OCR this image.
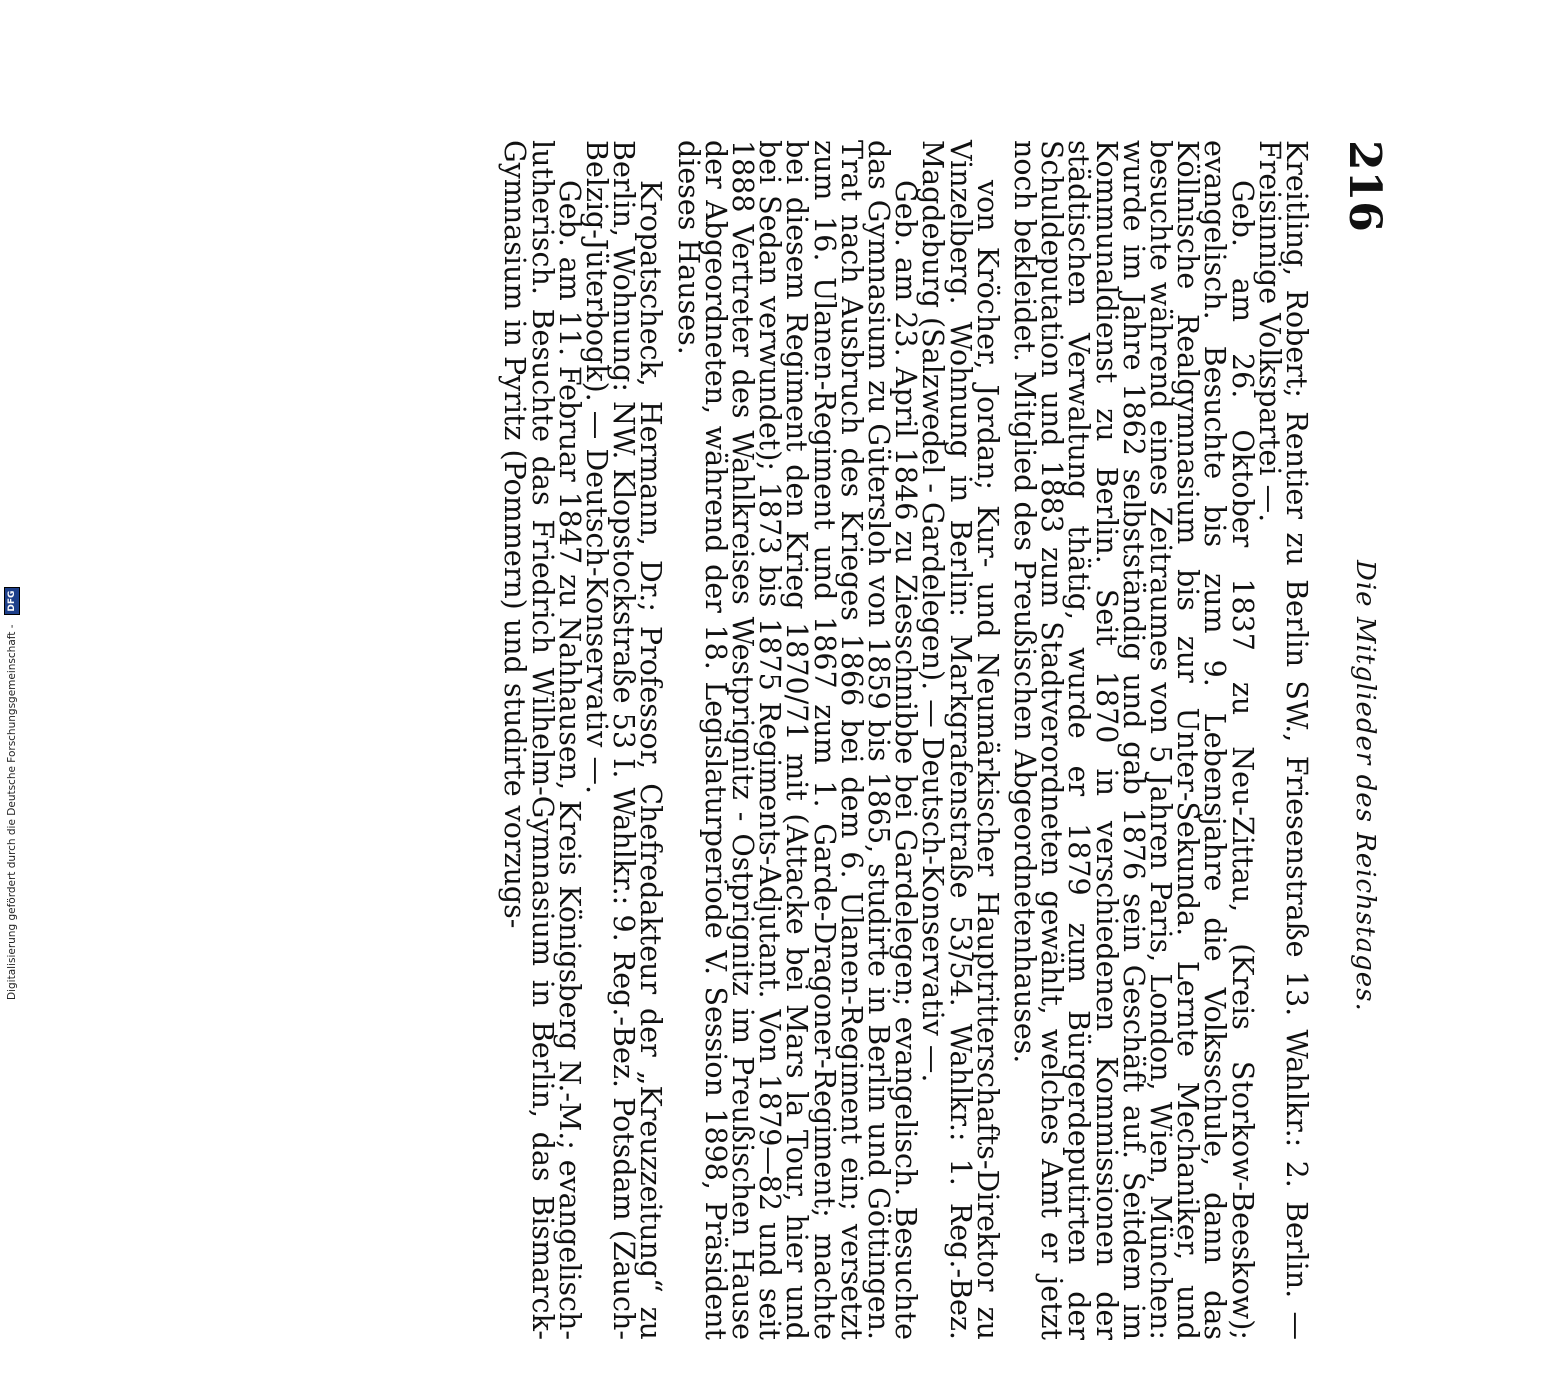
216
Die Mitglieder des Reichstages.

Kreitling, Robert; Rentier zu Berlin SW., Friesenstraße 13. Wahlkr.: 2. Berlin. — Freisinnige Volkspartei —.

Geb. am 26. Oktober 1837 zu Neu-Zittau, (Kreis Storkow-Beeskow); evangelisch. Besuchte bis zum 9. Lebensjahre die Volksschule, dann das Köllnische Realgymnasium bis zur Unter-Sekunda. Lernte Mechaniker, und besuchte während eines Zeitraumes von 5 Jahren Paris, London, Wien, München: wurde im Jahre 1862 selbstständig und gab 1876 sein Geschäft auf. Seitdem im Kommunaldienst zu Berlin. Seit 1870 in verschiedenen Kommissionen der städtischen Verwaltung thätig, wurde er 1879 zum Bürgerdeputirten der Schuldeputation und 1883 zum Stadtverordneten gewählt, welches Amt er jetzt noch bekleidet. Mitglied des Preußischen Abgeordnetenhauses.

von Kröcher, Jordan; Kur- und Neumärkischer Hauptritterschafts-Direktor zu Vinzelberg. Wohnung in Berlin: Markgrafenstraße 53/54. Wahlkr.: 1. Reg.-Bez. Magdeburg (Salzwedel - Gardelegen). — Deutsch-Konservativ —.

Geb. am 23. April 1846 zu Ziesschnibbe bei Gardelegen; evangelisch. Besuchte das Gymnasium zu Gütersloh von 1859 bis 1865, studirte in Berlin und Göttingen. Trat nach Ausbruch des Krieges 1866 bei dem 6. Ulanen-Regiment ein; versetzt zum 16. Ulanen-Regiment und 1867 zum 1. Garde-Dragoner-Regiment; machte bei diesem Regiment den Krieg 1870/71 mit (Attacke bei Mars la Tour, hier und bei Sedan verwundet); 1873 bis 1875 Regiments-Adjutant. Von 1879—82 und seit 1888 Vertreter des Wahlkreises Westprignitz - Ostprignitz im Preußischen Hause der Abgeordneten, während der 18. Legislaturperiode V. Session 1898, Präsident dieses Hauses.

Kropatscheck, Hermann, Dr.; Professor, Chefredakteur der „Kreuzzeitung“ zu Berlin, Wohnung: NW. Klopstockstraße 53 I. Wahlkr.: 9. Reg.-Bez. Potsdam (Zauch-Belzig-Jüterbogk). — Deutsch-Konservativ —.

Geb. am 11. Februar 1847 zu Nahhausen, Kreis Königsberg N.-M.; evangelisch-lutherisch. Besuchte das Friedrich Wilhelm-Gymnasium in Berlin, das Bismarck-Gymnasium in Pyritz (Pommern) und studirte vorzugs-

Digitalisierung gefördert durch die Deutsche Forschungsgemeinschaft - DFG
